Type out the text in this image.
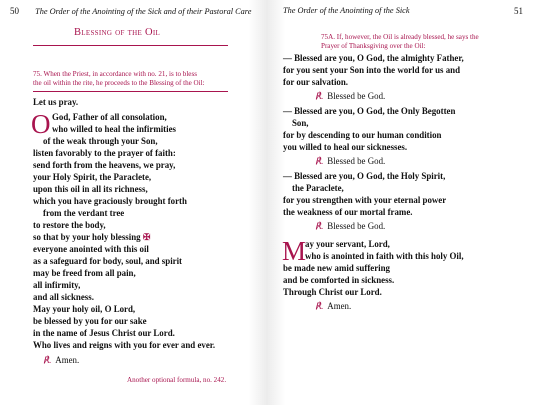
50 The Order of the Anointing of the Sick and of their Pastoral Care
Blessing of the Oil
75. When the Priest, in accordance with no. 21, is to bless
the oil within the rite, he proceeds to the Blessing of the Oil:
Let us pray.
O God, Father of all consolation,
who willed to heal the infirmities
of the weak through your Son,
listen favorably to the prayer of faith:
send forth from the heavens, we pray,
your Holy Spirit, the Paraclete,
upon this oil in all its richness,
which you have graciously brought forth
from the verdant tree
to restore the body,
so that by your holy blessing ✠
everyone anointed with this oil
as a safeguard for body, soul, and spirit
may be freed from all pain,
all infirmity,
and all sickness.
May your holy oil, O Lord,
be blessed by you for our sake
in the name of Jesus Christ our Lord.
Who lives and reigns with you for ever and ever.
℟. Amen.
Another optional formula, no. 242.
The Order of the Anointing of the Sick	51
75A. If, however, the Oil is already blessed, he says the
Prayer of Thanksgiving over the Oil:
— Blessed are you, O God, the almighty Father,
for you sent your Son into the world for us and
for our salvation.
℟. Blessed be God.
— Blessed are you, O God, the Only Begotten
Son,
for by descending to our human condition
you willed to heal our sicknesses.
℟. Blessed be God.
— Blessed are you, O God, the Holy Spirit,
the Paraclete,
for you strengthen with your eternal power
the weakness of our mortal frame.
℟. Blessed be God.
M
ay your servant, Lord,
who is anointed in faith with this holy Oil,
be made new amid suffering
and be comforted in sickness.
Through Christ our Lord.
℟. Amen.
